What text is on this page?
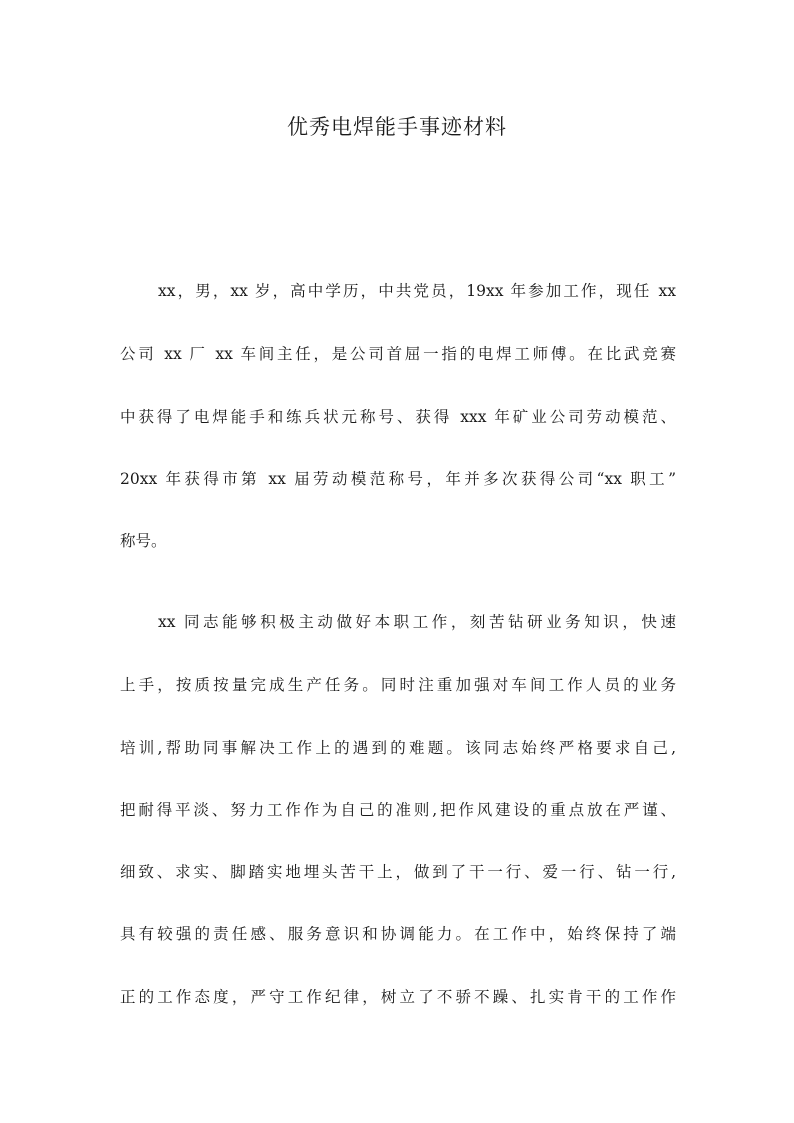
优秀电焊能手事迹材料
xx，男，xx 岁，高中学历，中共党员，19xx 年参加工作，现任 xx
公司 xx 厂 xx 车间主任，是公司首屈一指的电焊工师傅。在比武竞赛
中获得了电焊能手和练兵状元称号、获得 xxx 年矿业公司劳动模范、
20xx 年获得市第 xx 届劳动模范称号，年并多次获得公司“xx 职工”
称号。
xx 同志能够积极主动做好本职工作，刻苦钻研业务知识，快速
上手，按质按量完成生产任务。同时注重加强对车间工作人员的业务
培训,帮助同事解决工作上的遇到的难题。该同志始终严格要求自己,
把耐得平淡、努力工作作为自己的准则,把作风建设的重点放在严谨、
细致、求实、脚踏实地埋头苦干上，做到了干一行、爱一行、钻一行,
具有较强的责任感、服务意识和协调能力。在工作中，始终保持了端
正的工作态度，严守工作纪律，树立了不骄不躁、扎实肯干的工作作
